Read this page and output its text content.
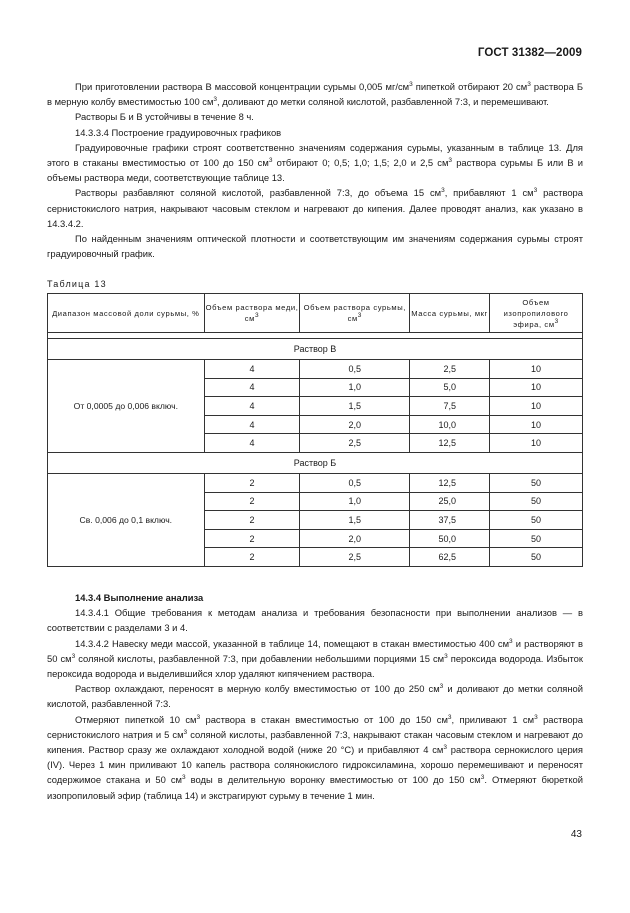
ГОСТ 31382—2009

При приготовлении раствора В массовой концентрации сурьмы 0,005 $мг/см^3$ пипеткой отбирают 20 $см^3$ раствора Б в мерную колбу вместимостью 100 $см^3$, доливают до метки соляной кислотой, разбавленной 7:3, и перемешивают.

Растворы Б и В устойчивы в течение 8 ч.

14.3.3.4 Построение градуировочных графиков

Градуировочные графики строят соответственно значениям содержания сурьмы, указанным в таблице 13. Для этого в стаканы вместимостью от 100 до 150 $см^3$ отбирают 0; 0,5; 1,0; 1,5; 2,0 и 2,5 $см^3$ раствора сурьмы Б или В и объемы раствора меди, соответствующие таблице 13.

Растворы разбавляют соляной кислотой, разбавленной 7:3, до объема 15 $см^3$, прибавляют 1 $см^3$ раствора сернистокислого натрия, накрывают часовым стеклом и нагревают до кипения. Далее проводят анализ, как указано в 14.3.4.2.

По найденным значениям оптической плотности и соответствующим им значениям содержания сурьмы строят градуировочный график.

Таблица 13
Диапазон массовой доли сурьмы, %	Объем раствора меди, $см^3$	Объем раствора сурьмы, $см^3$	Масса сурьмы, мкг	Объем изопропилового эфира, $см^3$

Раствор В				
От 0,0005 до 0,006 включ.	4	0,5	2,5	10
	4	1,0	5,0	10
	4	1,5	7,5	10
	4	2,0	10,0	10
	4	2,5	12,5	10
Раствор Б				
Св. 0,006 до 0,1 включ.	2	0,5	12,5	50
	2	1,0	25,0	50
	2	1,5	37,5	50
	2	2,0	50,0	50
	2	2,5	62,5	50

14.3.4 Выполнение анализа

14.3.4.1 Общие требования к методам анализа и требования безопасности при выполнении анализов — в соответствии с разделами 3 и 4.

14.3.4.2 Навеску меди массой, указанной в таблице 14, помещают в стакан вместимостью 400 $см^3$ и растворяют в 50 $см^3$ соляной кислоты, разбавленной 7:3, при добавлении небольшими порциями 15 $см^3$ пероксида водорода. Избыток пероксида водорода и выделившийся хлор удаляют кипячением раствора.

Раствор охлаждают, переносят в мерную колбу вместимостью от 100 до 250 $см^3$ и доливают до метки соляной кислотой, разбавленной 7:3.

Отмеряют пипеткой 10 $см^3$ раствора в стакан вместимостью от 100 до 150 $см^3$, приливают 1 $см^3$ раствора сернистокислого натрия и 5 $см^3$ соляной кислоты, разбавленной 7:3, накрывают стакан часовым стеклом и нагревают до кипения. Раствор сразу же охлаждают холодной водой (ниже 20 °С) и прибавляют 4 $см^3$ раствора сернокислого церия (IV). Через 1 мин приливают 10 капель раствора солянокислого гидроксиламина, хорошо перемешивают и переносят содержимое стакана и 50 $см^3$ воды в делительную воронку вместимостью от 100 до 150 $см^3$. Отмеряют бюреткой изопропиловый эфир (таблица 14) и экстрагируют сурьму в течение 1 мин.

43
